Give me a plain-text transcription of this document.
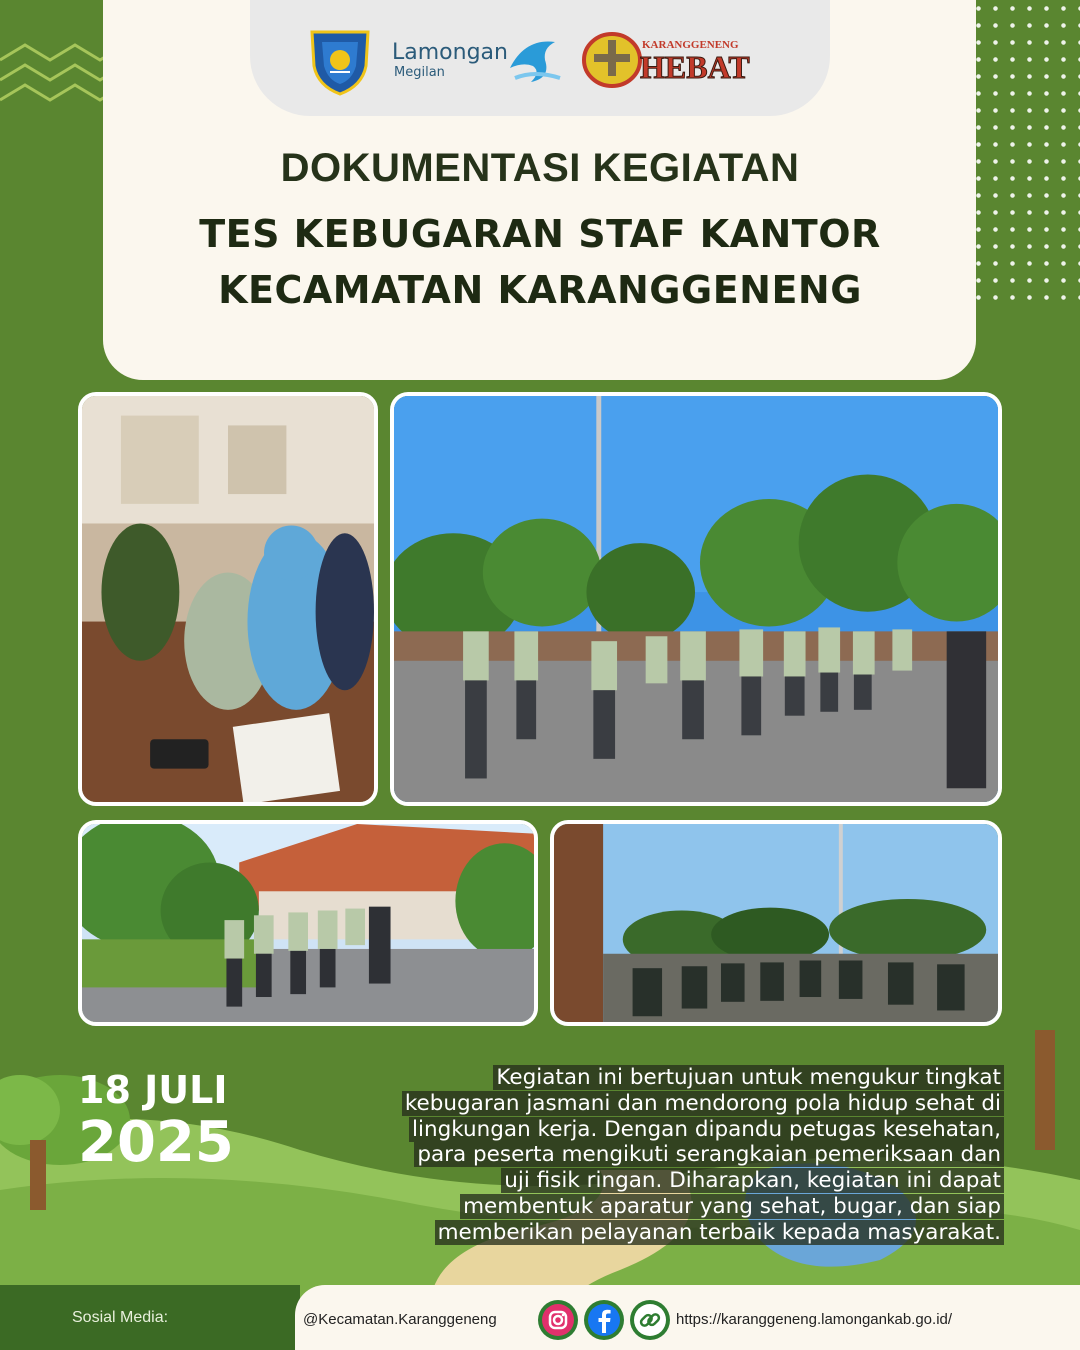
Lamongan
Megilan
KARANGGENENG
HEBAT
DOKUMENTASI KEGIATAN
TES KEBUGARAN STAF KANTOR
KECAMATAN KARANGGENENG
18 JULI
2025
Kegiatan ini bertujuan untuk mengukur tingkat
kebugaran jasmani dan mendorong pola hidup sehat di
lingkungan kerja. Dengan dipandu petugas kesehatan,
para peserta mengikuti serangkaian pemeriksaan dan
uji fisik ringan. Diharapkan, kegiatan ini dapat
membentuk aparatur yang sehat, bugar, dan siap
memberikan pelayanan terbaik kepada masyarakat.
Sosial Media:	@Kecamatan.Karanggeneng	https://karanggeneng.lamongankab.go.id/
